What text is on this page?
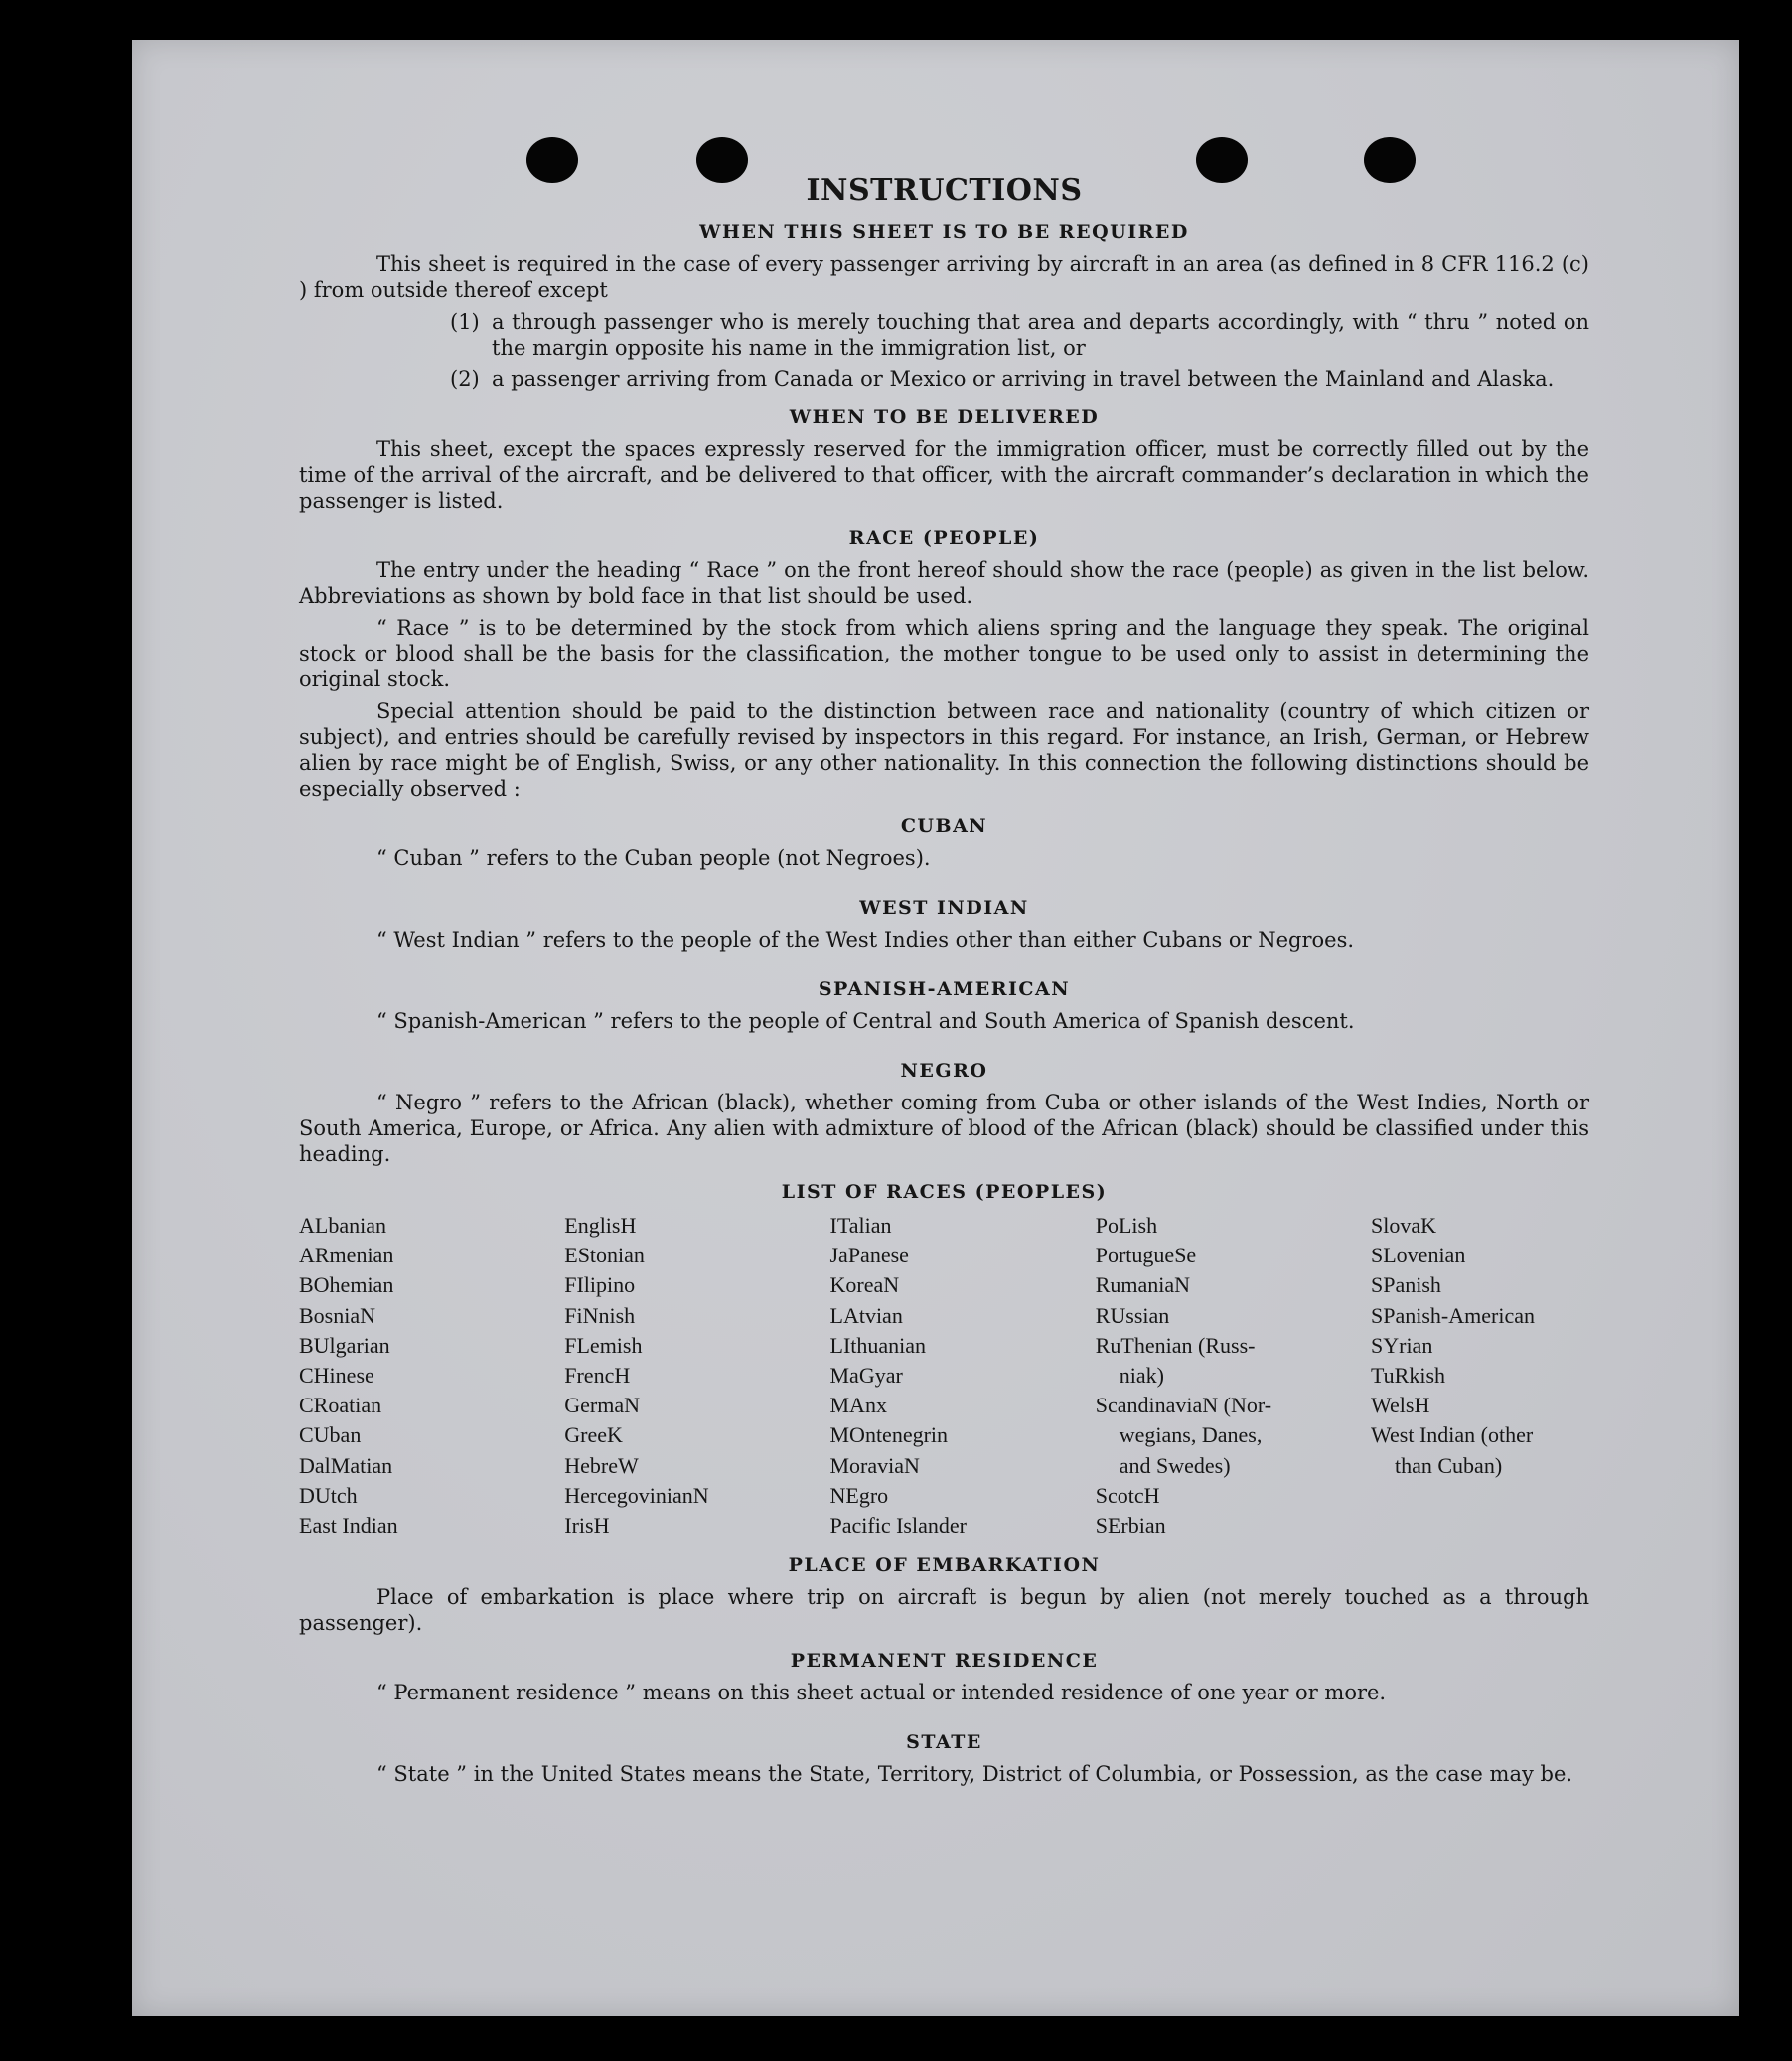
INSTRUCTIONS
WHEN THIS SHEET IS TO BE REQUIRED

This sheet is required in the case of every passenger arriving by aircraft in an area (as defined in 8 CFR 116.2 (c) ) from outside thereof except

(1) a through passenger who is merely touching that area and departs accordingly, with “ thru ” noted on the margin opposite his name in the immigration list, or
(2) a passenger arriving from Canada or Mexico or arriving in travel between the Mainland and Alaska.
WHEN TO BE DELIVERED

This sheet, except the spaces expressly reserved for the immigration officer, must be correctly filled out by the time of the arrival of the aircraft, and be delivered to that officer, with the aircraft commander’s declaration in which the passenger is listed.

RACE (PEOPLE)

The entry under the heading “ Race ” on the front hereof should show the race (people) as given in the list below. Abbreviations as shown by bold face in that list should be used.

“ Race ” is to be determined by the stock from which aliens spring and the language they speak. The original stock or blood shall be the basis for the classification, the mother tongue to be used only to assist in determining the original stock.

Special attention should be paid to the distinction between race and nationality (country of which citizen or subject), and entries should be carefully revised by inspectors in this regard. For instance, an Irish, German, or Hebrew alien by race might be of English, Swiss, or any other nationality. In this connection the following distinctions should be especially observed :

CUBAN
“ Cuban ” refers to the Cuban people (not Negroes).
WEST INDIAN
“ West Indian ” refers to the people of the West Indies other than either Cubans or Negroes.
SPANISH-AMERICAN
“ Spanish-American ” refers to the people of Central and South America of Spanish descent.
NEGRO

“ Negro ” refers to the African (black), whether coming from Cuba or other islands of the West Indies, North or South America, Europe, or Africa. Any alien with admixture of blood of the African (black) should be classified under this heading.

LIST OF RACES (PEOPLES)
ALbanian
ARmenian
BOhemian
BosniaN
BUlgarian
CHinese
CRoatian
CUban
DalMatian
DUtch
East Indian
EnglisH
EStonian
FIlipino
FiNnish
FLemish
FrencH
GermaN
GreeK
HebreW
HercegovinianN
IrisH
ITalian
JaPanese
KoreaN
LAtvian
LIthuanian
MaGyar
MAnx
MOntenegrin
MoraviaN
NEgro
Pacific Islander
PoLish
PortugueSe
RumaniaN
RUssian
RuThenian (Russ-
niak)
ScandinaviaN (Nor-
wegians, Danes,
and Swedes)
ScotcH
SErbian
SlovaK
SLovenian
SPanish
SPanish-American
SYrian
TuRkish
WelsH
West Indian (other
than Cuban)
PLACE OF EMBARKATION

Place of embarkation is place where trip on aircraft is begun by alien (not merely touched as a through passenger).

PERMANENT RESIDENCE
“ Permanent residence ” means on this sheet actual or intended residence of one year or more.
STATE

“ State ” in the United States means the State, Territory, District of Columbia, or Possession, as the case may be.
